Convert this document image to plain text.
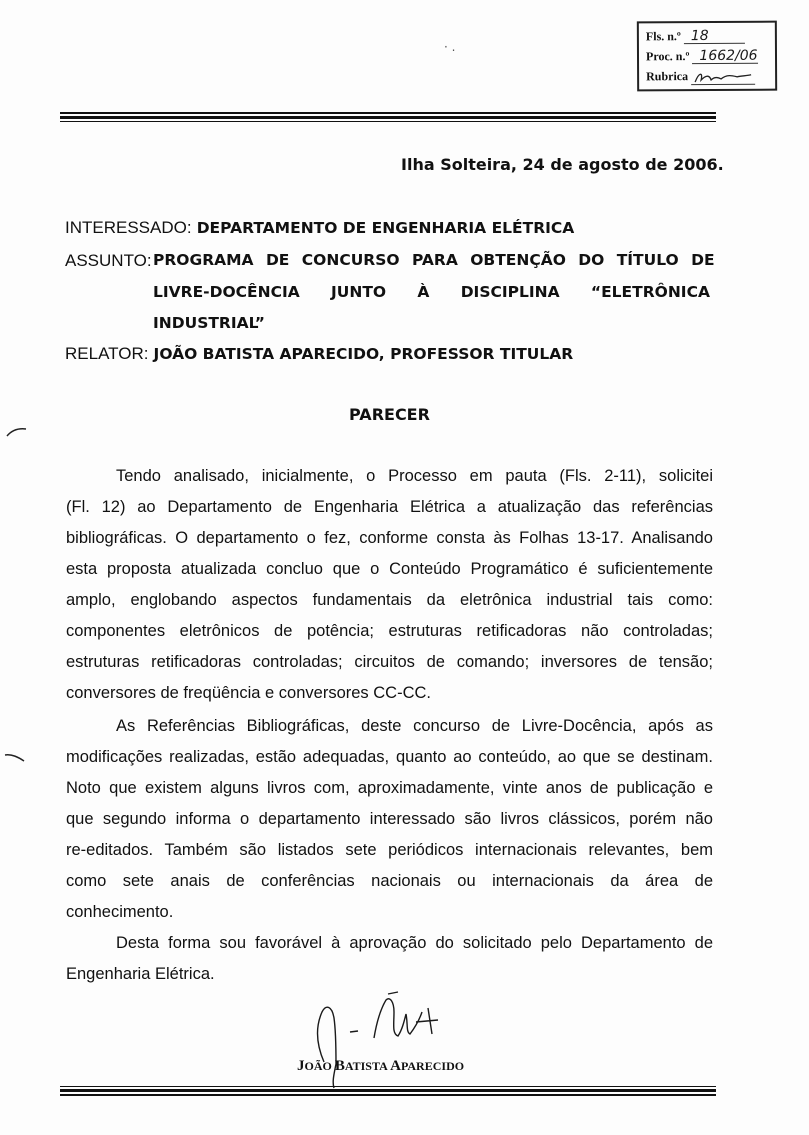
· .
Fls. n.º 18
Proc. n.º 1662/06
Rubrica
Ilha Solteira, 24 de agosto de 2006.
INTERESSADO: DEPARTAMENTO DE ENGENHARIA ELÉTRICA
ASSUNTO: PROGRAMA DE CONCURSO PARA OBTENÇÃO DO TÍTULO DE
LIVRE-DOCÊNCIA JUNTO À DISCIPLINA “ELETRÔNICA
INDUSTRIAL”
RELATOR: JOÃO BATISTA APARECIDO, PROFESSOR TITULAR
PARECER
Tendo analisado, inicialmente, o Processo em pauta (Fls. 2-11), solicitei
(Fl. 12) ao Departamento de Engenharia Elétrica a atualização das referências
bibliográficas. O departamento o fez, conforme consta às Folhas 13-17. Analisando
esta proposta atualizada concluo que o Conteúdo Programático é suficientemente
amplo, englobando aspectos fundamentais da eletrônica industrial tais como:
componentes eletrônicos de potência; estruturas retificadoras não controladas;
estruturas retificadoras controladas; circuitos de comando; inversores de tensão;
conversores de freqüência e conversores CC-CC.
As Referências Bibliográficas, deste concurso de Livre-Docência, após as
modificações realizadas, estão adequadas, quanto ao conteúdo, ao que se destinam.
Noto que existem alguns livros com, aproximadamente, vinte anos de publicação e
que segundo informa o departamento interessado são livros clássicos, porém não
re-editados. Também são listados sete periódicos internacionais relevantes, bem
como sete anais de conferências nacionais ou internacionais da área de
conhecimento.
Desta forma sou favorável à aprovação do solicitado pelo Departamento de
Engenharia Elétrica.
JOÃO BATISTA APARECIDO
